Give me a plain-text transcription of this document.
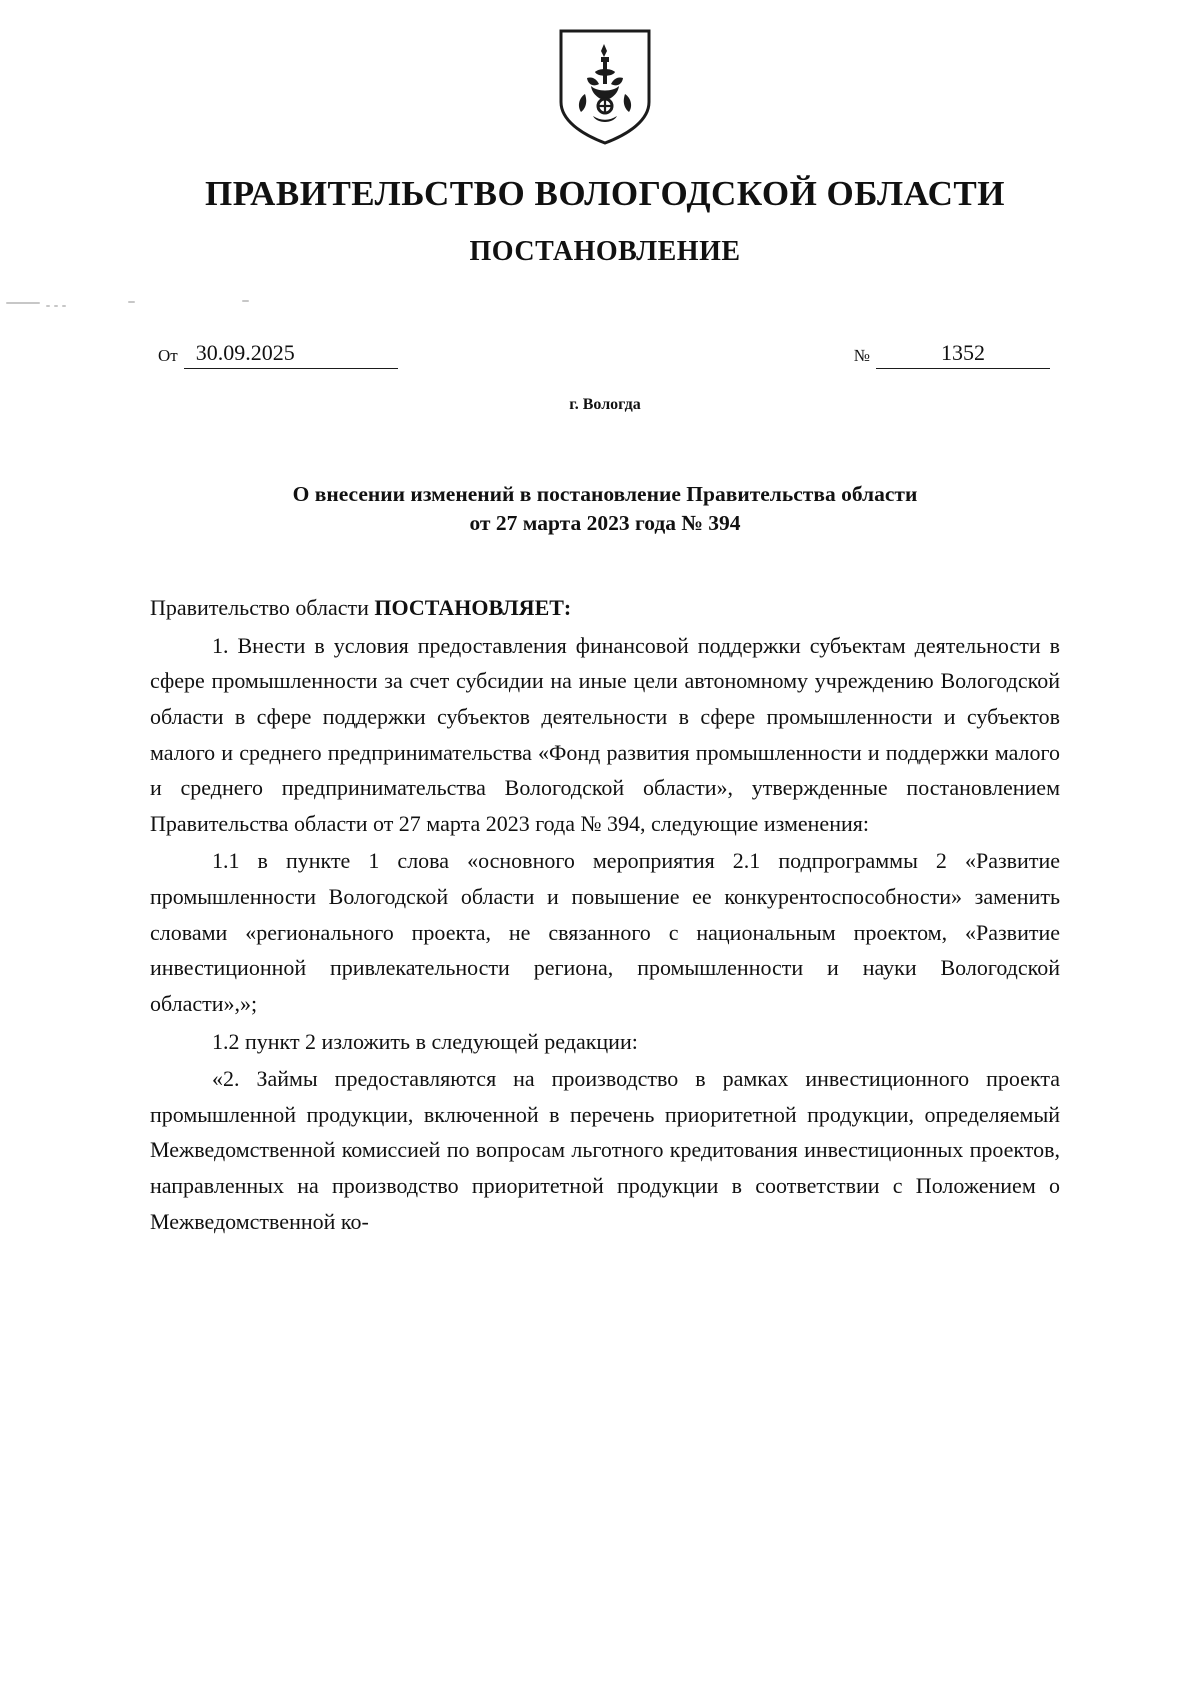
ПРАВИТЕЛЬСТВО ВОЛОГОДСКОЙ ОБЛАСТИ
ПОСТАНОВЛЕНИЕ
От 30.09.2025	№	1352
г. Вологда
О внесении изменений в постановление Правительства области
от 27 марта 2023 года № 394

Правительство области ПОСТАНОВЛЯЕТ:

1. Внести в условия предоставления финансовой поддержки субъектам деятельности в сфере промышленности за счет субсидии на иные цели автономному учреждению Вологодской области в сфере поддержки субъектов деятельности в сфере промышленности и субъектов малого и среднего предпринимательства «Фонд развития промышленности и поддержки малого и среднего предпринимательства Вологодской области», утвержденные постановлением Правительства области от 27 марта 2023 года № 394, следующие изменения:

1.1 в пункте 1 слова «основного мероприятия 2.1 подпрограммы 2 «Развитие промышленности Вологодской области и повышение ее конкурентоспособности» заменить словами «регионального проекта, не связанного с национальным проектом, «Развитие инвестиционной привлекательности региона, промышленности и науки Вологодской области»,»;

1.2 пункт 2 изложить в следующей редакции:

«2. Займы предоставляются на производство в рамках инвестиционного проекта промышленной продукции, включенной в перечень приоритетной продукции, определяемый Межведомственной комиссией по вопросам льготного кредитования инвестиционных проектов, направленных на производство приоритетной продукции в соответствии с Положением о Межведомственной ко-
